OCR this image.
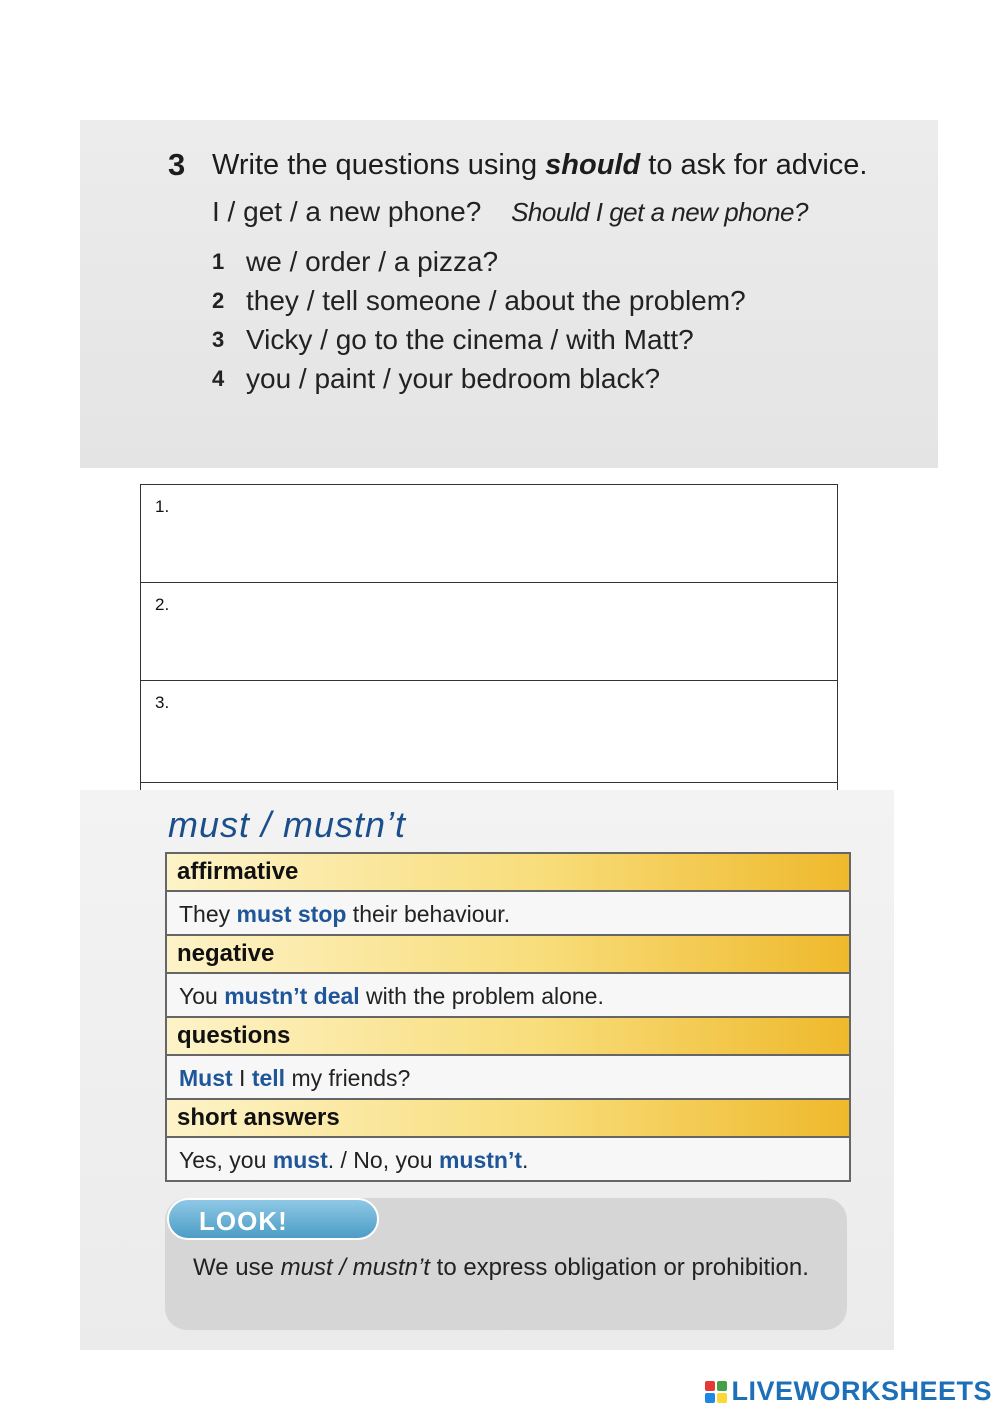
3 Write the questions using should to ask for advice.
I / get / a new phone? Should I get a new phone?
1 we / order / a pizza?
2 they / tell someone / about the problem?
3 Vicky / go to the cinema / with Matt?
4 you / paint / your bedroom black?
1.
2.
3.

must / mustn’t
affirmative
They must stop their behaviour.
negative
You mustn’t deal with the problem alone.
questions
Must I tell my friends?
short answers
Yes, you must. / No, you mustn’t.
LOOK!
We use must / mustn’t to express obligation or prohibition.
LIVEWORKSHEETS
